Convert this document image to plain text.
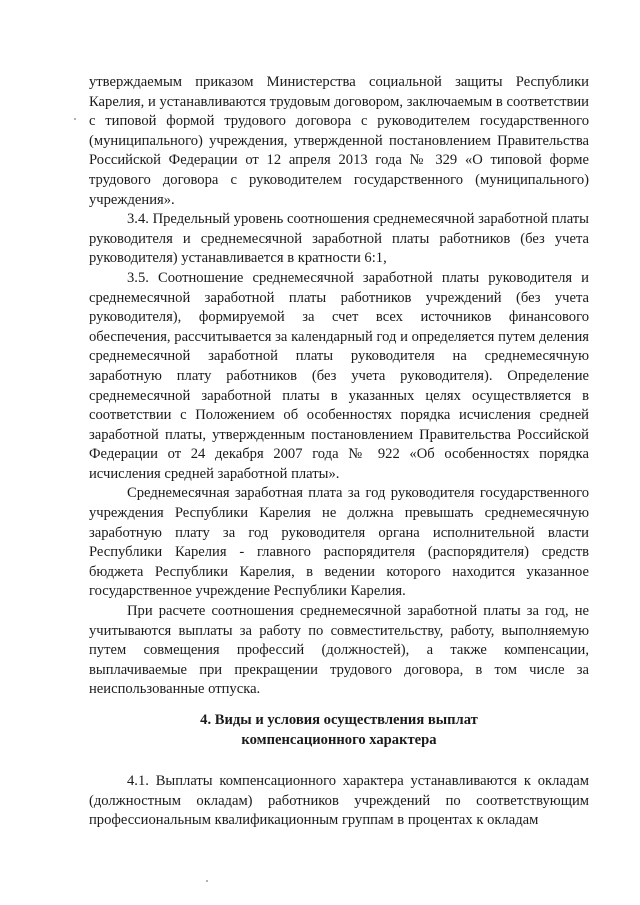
утверждаемым приказом Министерства социальной защиты Республики Карелия, и устанавливаются трудовым договором, заключаемым в соответствии с типовой формой трудового договора с руководителем государственного (муниципального) учреждения, утвержденной постановлением Правительства Российской Федерации от 12 апреля 2013 года № 329 «О типовой форме трудового договора с руководителем государственного (муниципального) учреждения».

3.4. Предельный уровень соотношения среднемесячной заработной платы руководителя и среднемесячной заработной платы работников (без учета руководителя) устанавливается в кратности 6:1,

3.5. Соотношение среднемесячной заработной платы руководителя и среднемесячной заработной платы работников учреждений (без учета руководителя), формируемой за счет всех источников финансового обеспечения, рассчитывается за календарный год и определяется путем деления среднемесячной заработной платы руководителя на среднемесячную заработную плату работников (без учета руководителя). Определение среднемесячной заработной платы в указанных целях осуществляется в соответствии с Положением об особенностях порядка исчисления средней заработной платы, утвержденным постановлением Правительства Российской Федерации от 24 декабря 2007 года № 922 «Об особенностях порядка исчисления средней заработной платы».

Среднемесячная заработная плата за год руководителя государственного учреждения Республики Карелия не должна превышать среднемесячную заработную плату за год руководителя органа исполнительной власти Республики Карелия - главного распорядителя (распорядителя) средств бюджета Республики Карелия, в ведении которого находится указанное государственное учреждение Республики Карелия.

При расчете соотношения среднемесячной заработной платы за год, не учитываются выплаты за работу по совместительству, работу, выполняемую путем совмещения профессий (должностей), а также компенсации, выплачиваемые при прекращении трудового договора, в том числе за неиспользованные отпуска.

4. Виды и условия осуществления выплат
компенсационного характера

4.1. Выплаты компенсационного характера устанавливаются к окладам (должностным окладам) работников учреждений по соответствующим профессиональным квалификационным группам в процентах к окладам
